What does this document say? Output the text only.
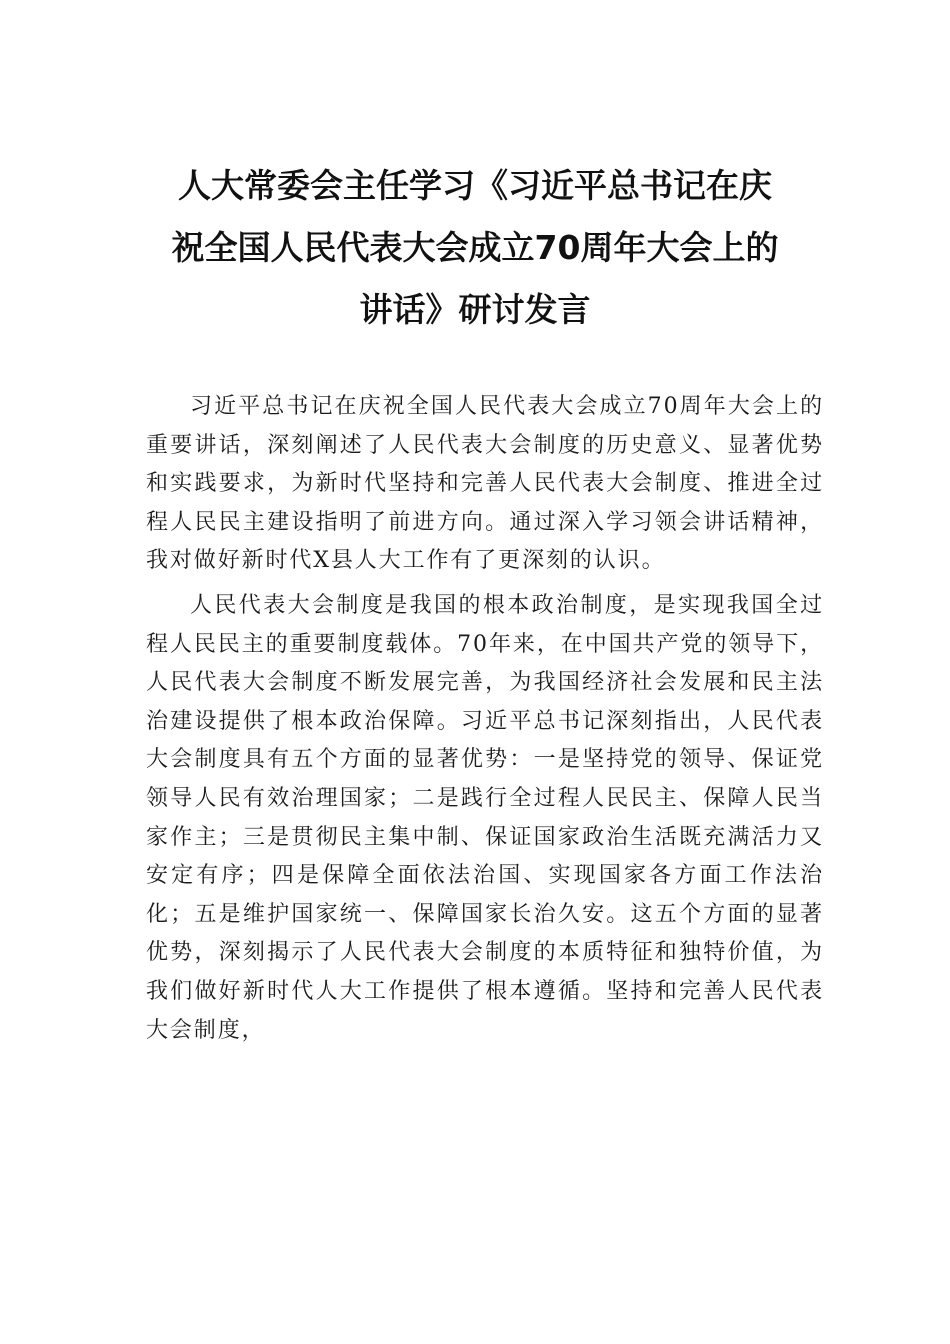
人大常委会主任学习《习近平总书记在庆
祝全国人民代表大会成立70周年大会上的
讲话》研讨发言

习近平总书记在庆祝全国人民代表大会成立70周年大会上的重要讲话，深刻阐述了人民代表大会制度的历史意义、显著优势和实践要求，为新时代坚持和完善人民代表大会制度、推进全过程人民民主建设指明了前进方向。通过深入学习领会讲话精神，我对做好新时代X县人大工作有了更深刻的认识。

人民代表大会制度是我国的根本政治制度，是实现我国全过程人民民主的重要制度载体。70年来，在中国共产党的领导下，人民代表大会制度不断发展完善，为我国经济社会发展和民主法治建设提供了根本政治保障。习近平总书记深刻指出，人民代表大会制度具有五个方面的显著优势：一是坚持党的领导、保证党领导人民有效治理国家；二是践行全过程人民民主、保障人民当家作主；三是贯彻民主集中制、保证国家政治生活既充满活力又安定有序；四是保障全面依法治国、实现国家各方面工作法治化；五是维护国家统一、保障国家长治久安。这五个方面的显著优势，深刻揭示了人民代表大会制度的本质特征和独特价值，为我们做好新时代人大工作提供了根本遵循。坚持和完善人民代表大会制度，
